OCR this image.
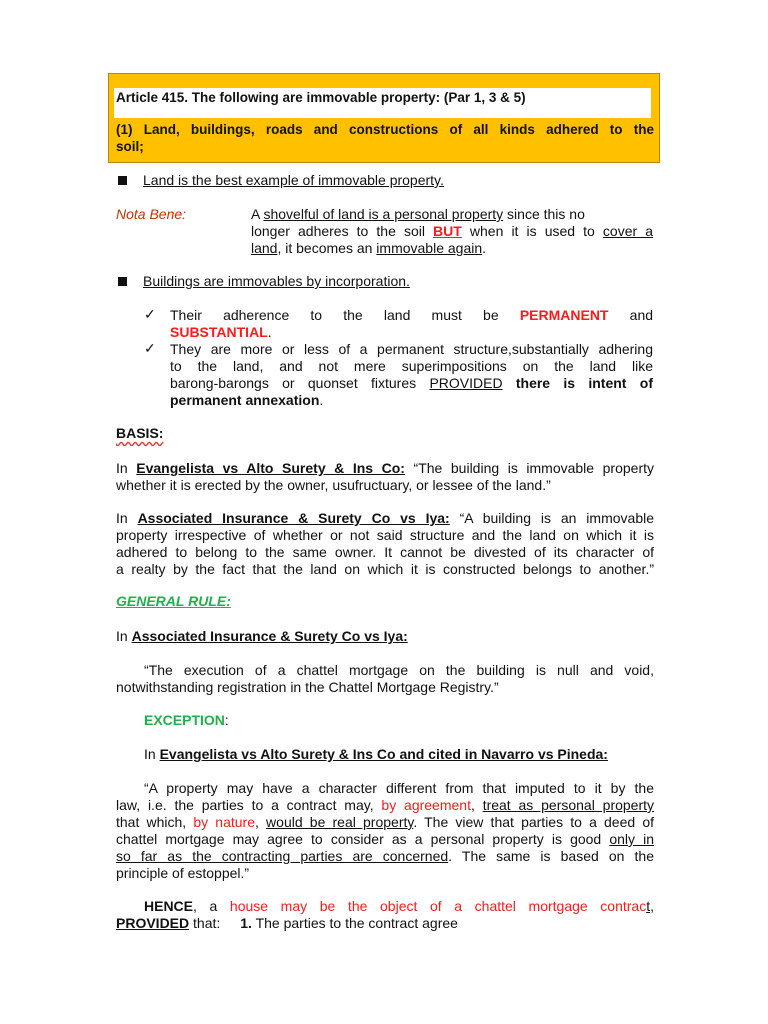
Article 415. The following are immovable property: (Par 1, 3 & 5)
(1) Land, buildings, roads and constructions of all kinds adhered to the
soil;
Land is the best example of immovable property.
Nota Bene:	A shovelful of land is a personal property since this no
longer adheres to the soil BUT when it is used to cover a
land, it becomes an immovable again.
Buildings are immovables by incorporation.
✓ Their adherence to the land must be PERMANENT and
SUBSTANTIAL.
✓ They are more or less of a permanent structure,substantially adhering
to the land, and not mere superimpositions on the land like
barong-barongs or quonset fixtures PROVIDED there is intent of
permanent annexation.
BASIS:
In Evangelista vs Alto Surety & Ins Co: “The building is immovable property
whether it is erected by the owner, usufructuary, or lessee of the land.”
In Associated Insurance & Surety Co vs Iya: “A building is an immovable
property irrespective of whether or not said structure and the land on which it is
adhered to belong to the same owner. It cannot be divested of its character of
a realty by the fact that the land on which it is constructed belongs to another.”
GENERAL RULE:
In Associated Insurance & Surety Co vs Iya:
“The execution of a chattel mortgage on the building is null and void,
notwithstanding registration in the Chattel Mortgage Registry.”
EXCEPTION:
In Evangelista vs Alto Surety & Ins Co and cited in Navarro vs Pineda:
“A property may have a character different from that imputed to it by the
law, i.e. the parties to a contract may, by agreement, treat as personal property
that which, by nature, would be real property. The view that parties to a deed of
chattel mortgage may agree to consider as a personal property is good only in
so far as the contracting parties are concerned. The same is based on the
principle of estoppel.”
HENCE, a house may be the object of a chattel mortgage contract,
PROVIDED that: 1. The parties to the contract agree
